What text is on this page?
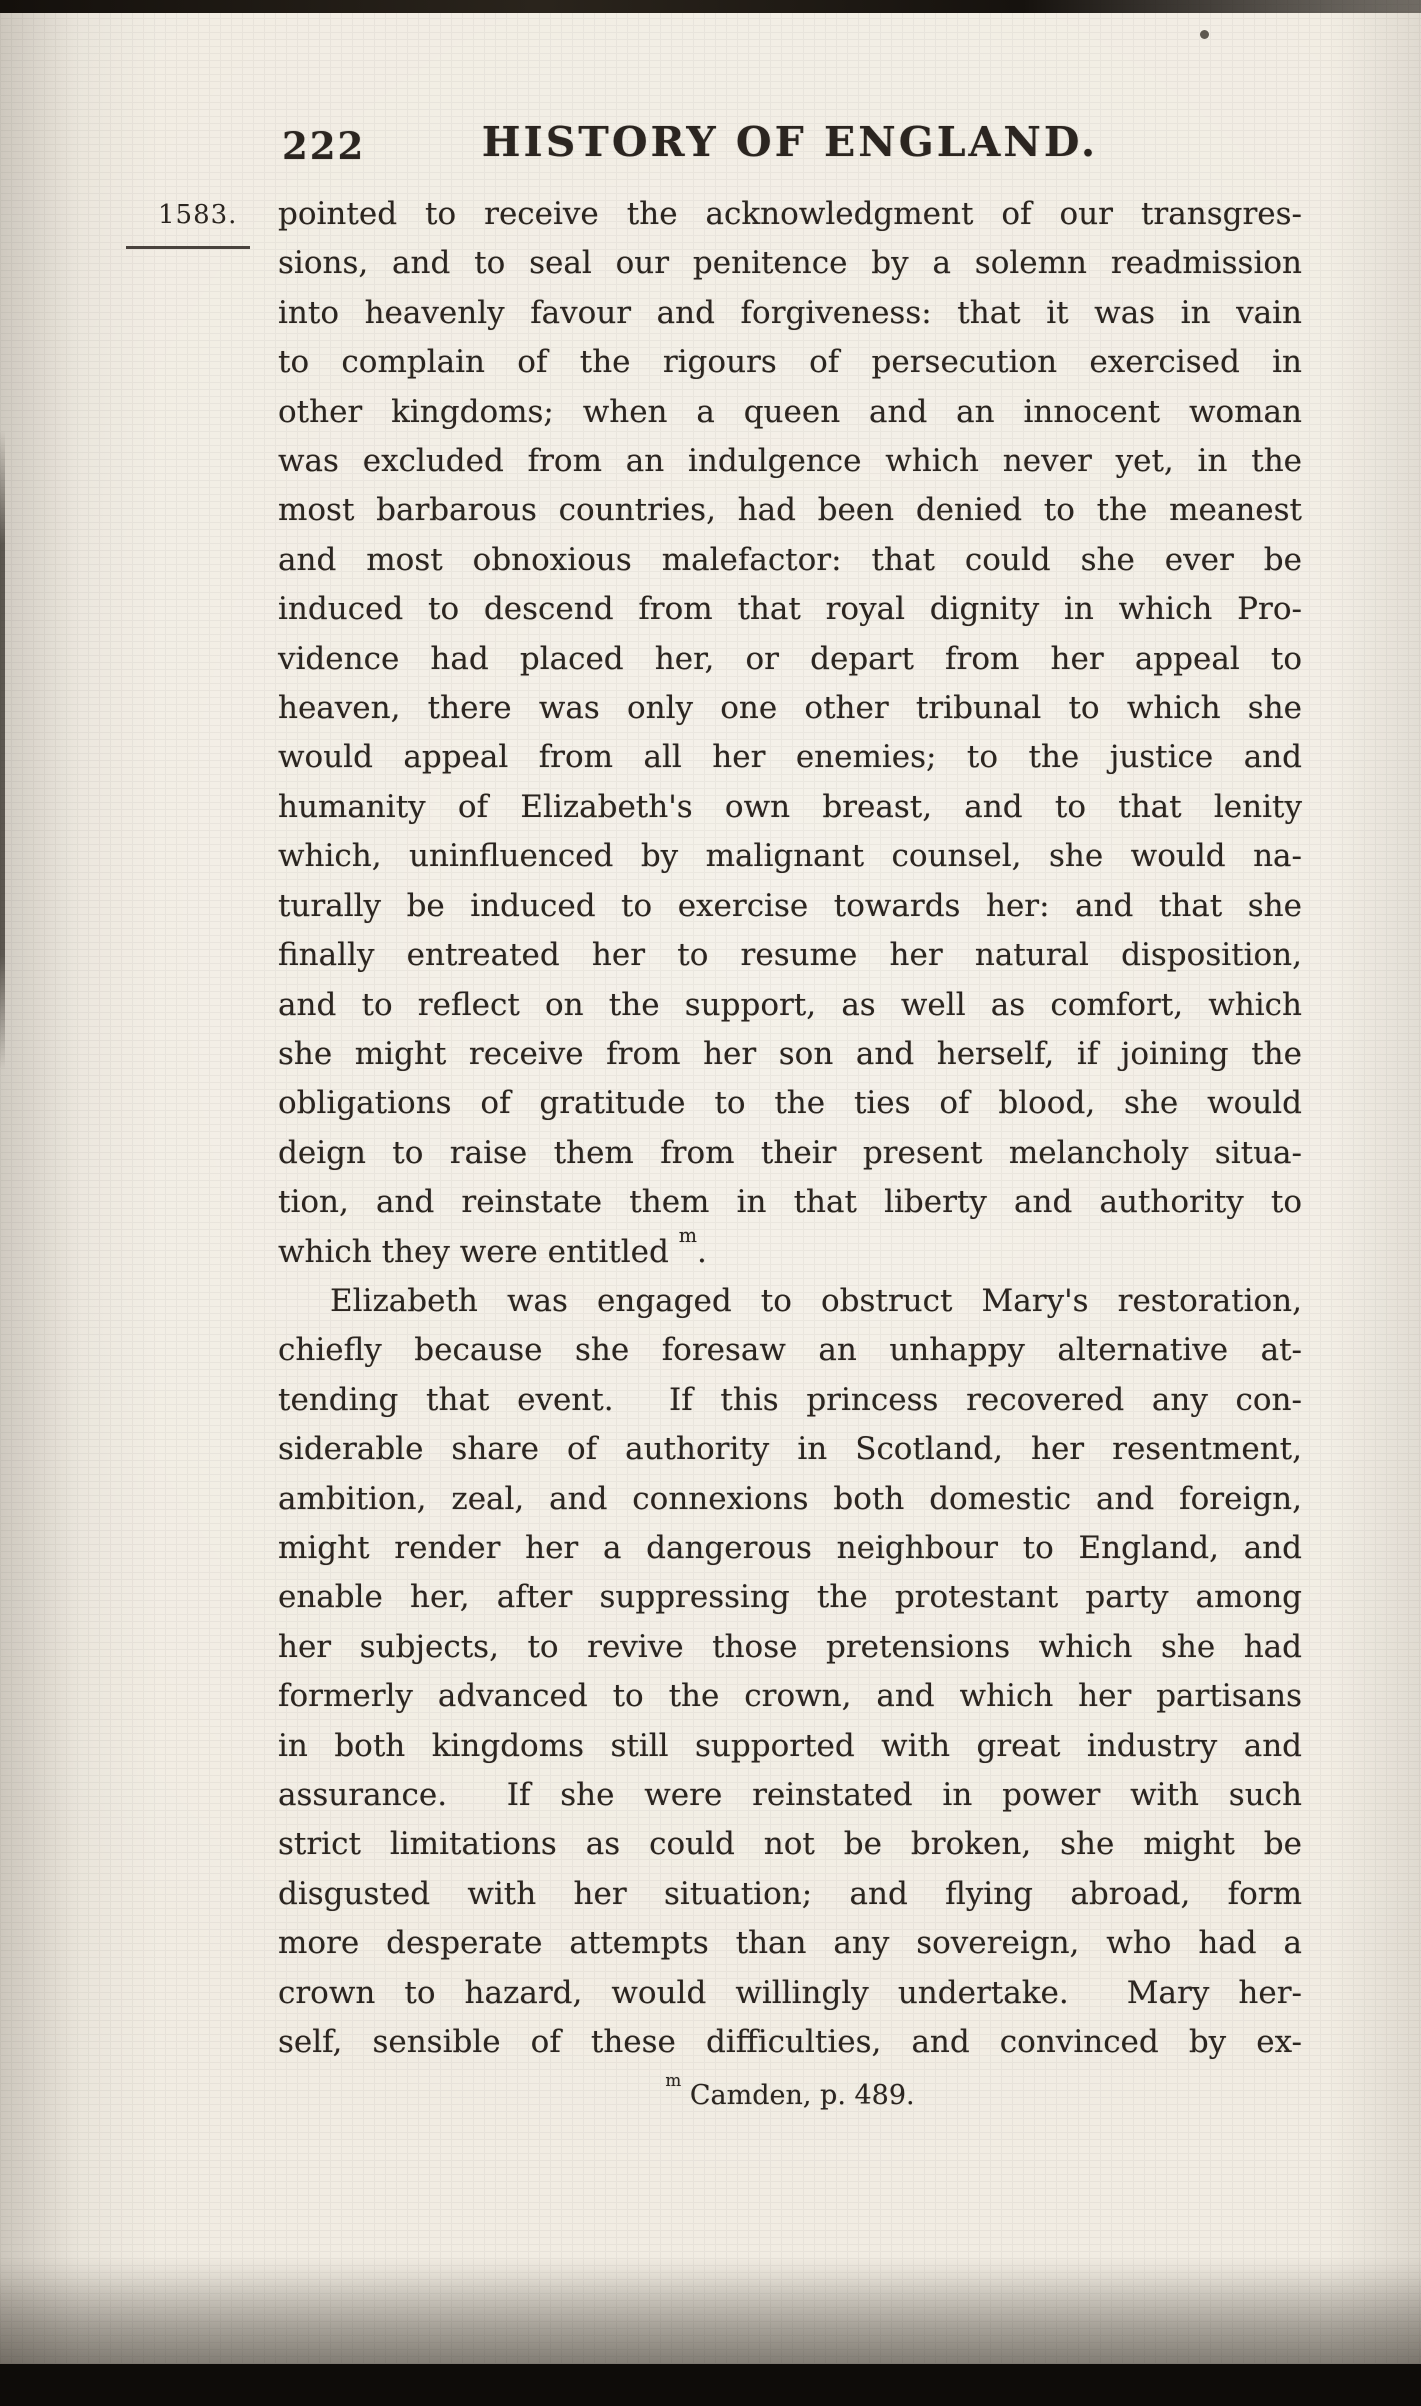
222	HISTORY OF ENGLAND.
1583.	pointed to receive the acknowledgment of our transgres-
sions, and to seal our penitence by a solemn readmission
into heavenly favour and forgiveness: that it was in vain
to complain of the rigours of persecution exercised in
other kingdoms; when a queen and an innocent woman
was excluded from an indulgence which never yet, in the
most barbarous countries, had been denied to the meanest
and most obnoxious malefactor: that could she ever be
induced to descend from that royal dignity in which Pro-
vidence had placed her, or depart from her appeal to
heaven, there was only one other tribunal to which she
would appeal from all her enemies; to the justice and
humanity of Elizabeth's own breast, and to that lenity
which, uninfluenced by malignant counsel, she would na-
turally be induced to exercise towards her: and that she
finally entreated her to resume her natural disposition,
and to reflect on the support, as well as comfort, which
she might receive from her son and herself, if joining the
obligations of gratitude to the ties of blood, she would
deign to raise them from their present melancholy situa-
tion, and reinstate them in that liberty and authority to
which they were entitled $^m$.
Elizabeth was engaged to obstruct Mary's restoration,
chiefly because she foresaw an unhappy alternative at-
tending that event.  If this princess recovered any con-
siderable share of authority in Scotland, her resentment,
ambition, zeal, and connexions both domestic and foreign,
might render her a dangerous neighbour to England, and
enable her, after suppressing the protestant party among
her subjects, to revive those pretensions which she had
formerly advanced to the crown, and which her partisans
in both kingdoms still supported with great industry and
assurance.  If she were reinstated in power with such
strict limitations as could not be broken, she might be
disgusted with her situation; and flying abroad, form
more desperate attempts than any sovereign, who had a
crown to hazard, would willingly undertake.  Mary her-
self, sensible of these difficulties, and convinced by ex-
$^m$ Camden, p. 489.
